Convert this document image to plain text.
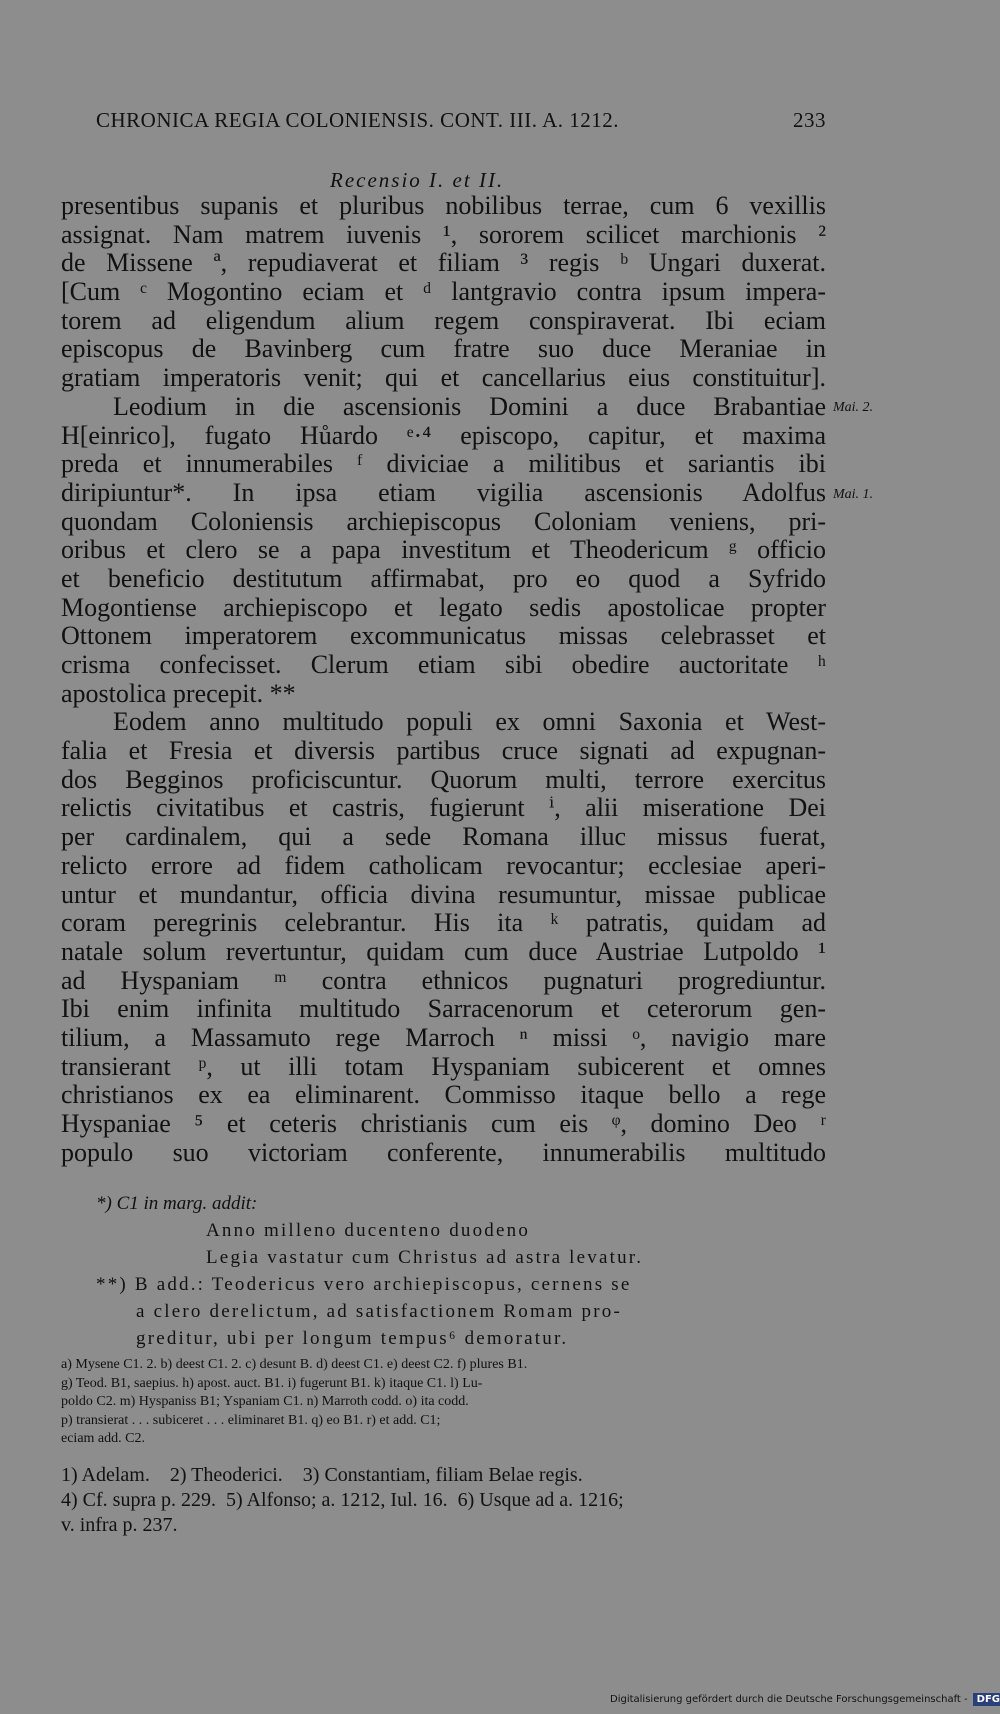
CHRONICA REGIA COLONIENSIS. CONT. III. A. 1212.	233
Recensio I. et II.
presentibus supanis et pluribus nobilibus terrae, cum 6 vexillis
assignat. Nam matrem iuvenis ¹, sororem scilicet marchionis ²
de Missene ª, repudiaverat et filiam ³ regis ᵇ Ungari duxerat.
[Cum ᶜ Mogontino eciam et ᵈ lantgravio contra ipsum impera-
torem ad eligendum alium regem conspiraverat. Ibi eciam
episcopus de Bavinberg cum fratre suo duce Meraniae in
gratiam imperatoris venit; qui et cancellarius eius constituitur].
Leodium in die ascensionis Domini a duce Brabantiae
H[einrico], fugato Hůardo ᵉ·⁴ episcopo, capitur, et maxima
preda et innumerabiles ᶠ diviciae a militibus et sariantis ibi
diripiuntur*. In ipsa etiam vigilia ascensionis Adolfus
quondam Coloniensis archiepiscopus Coloniam veniens, pri-
oribus et clero se a papa investitum et Theodericum ᵍ officio
et beneficio destitutum affirmabat, pro eo quod a Syfrido
Mogontiense archiepiscopo et legato sedis apostolicae propter
Ottonem imperatorem excommunicatus missas celebrasset et
crisma confecisset. Clerum etiam sibi obedire auctoritate ʰ
apostolica precepit. **
Eodem anno multitudo populi ex omni Saxonia et West-
falia et Fresia et diversis partibus cruce signati ad expugnan-
dos Begginos proficiscuntur. Quorum multi, terrore exercitus
relictis civitatibus et castris, fugierunt ⁱ, alii miseratione Dei
per cardinalem, qui a sede Romana illuc missus fuerat,
relicto errore ad fidem catholicam revocantur; ecclesiae aperi-
untur et mundantur, officia divina resumuntur, missae publicae
coram peregrinis celebrantur. His ita ᵏ patratis, quidam ad
natale solum revertuntur, quidam cum duce Austriae Lutpoldo ¹
ad Hyspaniam ᵐ contra ethnicos pugnaturi progrediuntur.
Ibi enim infinita multitudo Sarracenorum et ceterorum gen-
tilium, a Massamuto rege Marroch ⁿ missi ᵒ, navigio mare
transierant ᵖ, ut illi totam Hyspaniam subicerent et omnes
christianos ex ea eliminarent. Commisso itaque bello a rege
Hyspaniae ⁵ et ceteris christianis cum eis ᵠ, domino Deo ʳ
populo suo victoriam conferente, innumerabilis multitudo
Mai. 2.
Mai. 1.
*) C1 in marg. addit:
Anno milleno ducenteno duodeno
Legia vastatur cum Christus ad astra levatur.
**) B add.: Teodericus vero archiepiscopus, cernens se
a clero derelictum, ad satisfactionem Romam pro-
greditur, ubi per longum tempus⁶ demoratur.
a) Mysene C1. 2. b) deest C1. 2. c) desunt B. d) deest C1. e) deest C2. f) plures B1.
g) Teod. B1, saepius. h) apost. auct. B1. i) fugerunt B1. k) itaque C1. l) Lu-
poldo C2. m) Hyspaniss B1; Yspaniam C1. n) Marroth codd. o) ita codd.
p) transierat . . . subiceret . . . eliminaret B1. q) eo B1. r) et add. C1;
eciam add. C2.
1) Adelam.    2) Theoderici.    3) Constantiam, filiam Belae regis.
4) Cf. supra p. 229.  5) Alfonso; a. 1212, Iul. 16.  6) Usque ad a. 1216;
v. infra p. 237.
Digitalisierung gefördert durch die Deutsche Forschungsgemeinschaft - DFG
